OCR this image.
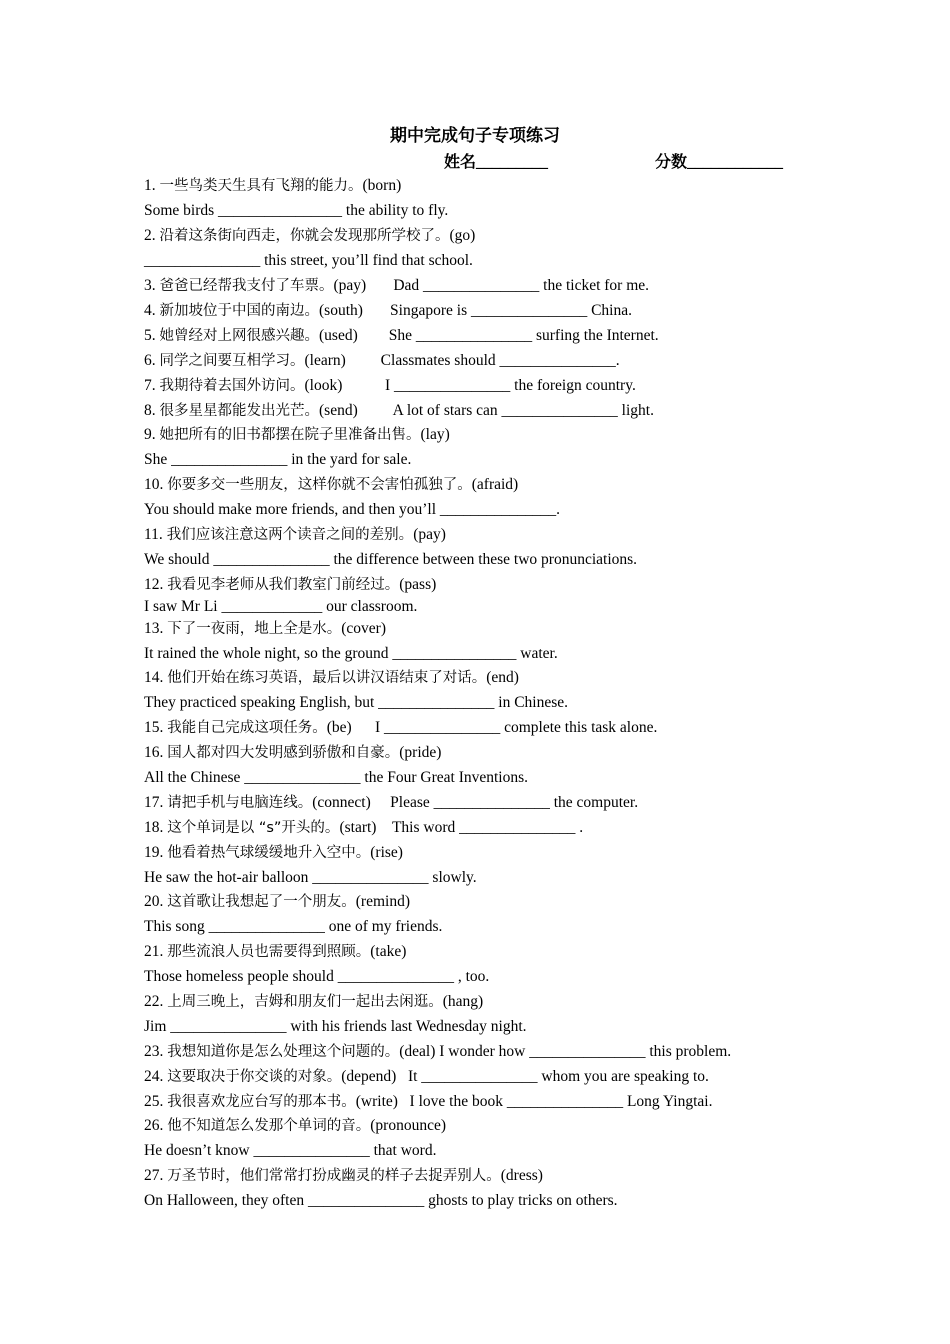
期中完成句子专项练习
姓名_________	分数____________
1. 一些鸟类天生具有飞翔的能力。(born)
Some birds ________________ the ability to fly.
2. 沿着这条街向西走，你就会发现那所学校了。(go)
_______________ this street, you’ll find that school.
3. 爸爸已经帮我支付了车票。(pay)       Dad _______________ the ticket for me.
4. 新加坡位于中国的南边。(south)       Singapore is _______________ China.
5. 她曾经对上网很感兴趣。(used)        She _______________ surfing the Internet.
6. 同学之间要互相学习。(learn)         Classmates should _______________.
7. 我期待着去国外访问。(look)           I _______________ the foreign country.
8. 很多星星都能发出光芒。(send)         A lot of stars can _______________ light.
9. 她把所有的旧书都摆在院子里准备出售。(lay)
She _______________ in the yard for sale.
10. 你要多交一些朋友，这样你就不会害怕孤独了。(afraid)
You should make more friends, and then you’ll _______________.
11. 我们应该注意这两个读音之间的差别。(pay)
We should _______________ the difference between these two pronunciations.
12. 我看见李老师从我们教室门前经过。(pass)
I saw Mr Li _____________ our classroom.
13. 下了一夜雨，地上全是水。(cover)
It rained the whole night, so the ground ________________ water.
14. 他们开始在练习英语，最后以讲汉语结束了对话。(end)
They practiced speaking English, but _______________ in Chinese.
15. 我能自己完成这项任务。(be)      I _______________ complete this task alone.
16. 国人都对四大发明感到骄傲和自豪。(pride)
All the Chinese _______________ the Four Great Inventions.
17. 请把手机与电脑连线。(connect)     Please _______________ the computer.
18. 这个单词是以 “s”开头的。(start)    This word _______________ .
19. 他看着热气球缓缓地升入空中。(rise)
He saw the hot-air balloon _______________ slowly.
20. 这首歌让我想起了一个朋友。(remind)
This song _______________ one of my friends.
21. 那些流浪人员也需要得到照顾。(take)
Those homeless people should _______________ , too.
22. 上周三晚上，吉姆和朋友们一起出去闲逛。(hang)
Jim _______________ with his friends last Wednesday night.
23. 我想知道你是怎么处理这个问题的。(deal) I wonder how _______________ this problem.
24. 这要取决于你交谈的对象。(depend)   It _______________ whom you are speaking to.
25. 我很喜欢龙应台写的那本书。(write)   I love the book _______________ Long Yingtai.
26. 他不知道怎么发那个单词的音。(pronounce)
He doesn’t know _______________ that word.
27. 万圣节时，他们常常打扮成幽灵的样子去捉弄别人。(dress)
On Halloween, they often _______________ ghosts to play tricks on others.
